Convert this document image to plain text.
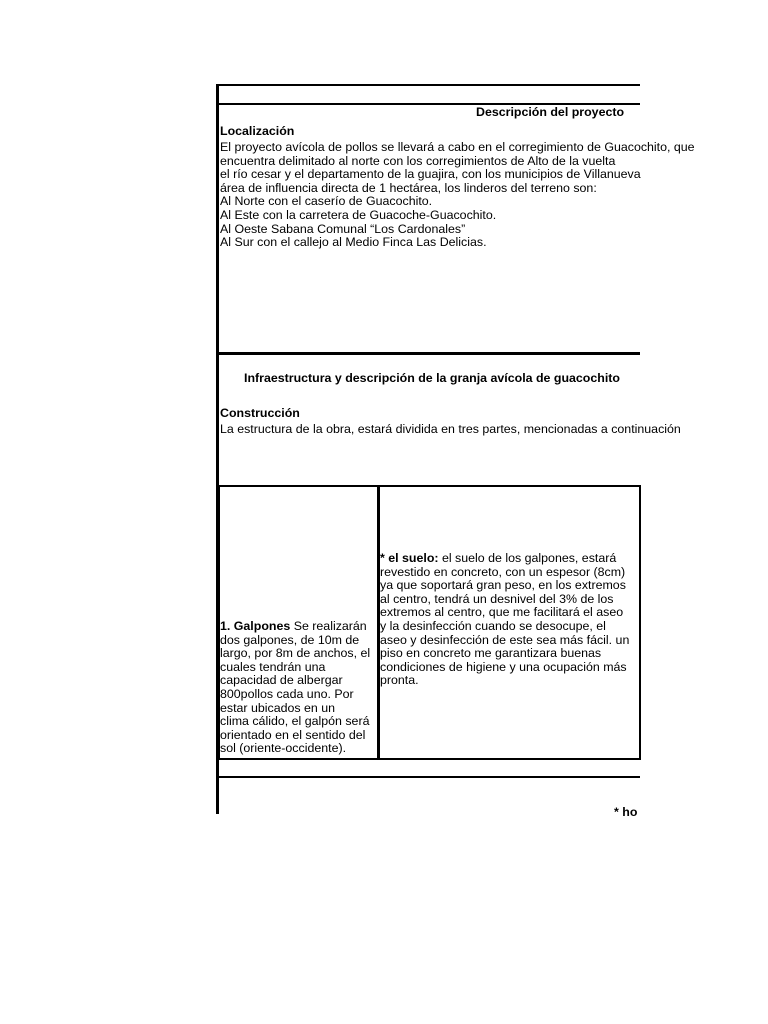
Descripción del proyecto
Localización
El proyecto avícola de pollos se llevará a cabo en el corregimiento de Guacochito, que
encuentra delimitado al norte con los corregimientos de Alto de la vuelta
el río cesar y el departamento de la guajira, con los municipios de Villanueva
área de influencia directa de 1 hectárea, los linderos del terreno son:
Al Norte con el caserío de Guacochito.
Al Este con la carretera de Guacoche-Guacochito.
Al Oeste Sabana Comunal “Los Cardonales”
Al Sur con el callejo al Medio Finca Las Delicias.
Infraestructura y descripción de la granja avícola de guacochito
Construcción
La estructura de la obra, estará dividida en tres partes, mencionadas a continuación
* ho
1. Galpones Se realizarán
dos galpones, de 10m de
largo, por 8m de anchos, el
cuales tendrán una
capacidad de albergar
800pollos cada uno. Por
estar ubicados en un
clima cálido, el galpón será
orientado en el sentido del
sol (oriente-occidente).
* el suelo: el suelo de los galpones, estará
revestido en concreto, con un espesor (8cm)
ya que soportará gran peso, en los extremos
al centro, tendrá un desnivel del 3% de los
extremos al centro, que me facilitará el aseo
y la desinfección cuando se desocupe, el
aseo y desinfección de este sea más fácil. un
piso en concreto me garantizara buenas
condiciones de higiene y una ocupación más
pronta.
